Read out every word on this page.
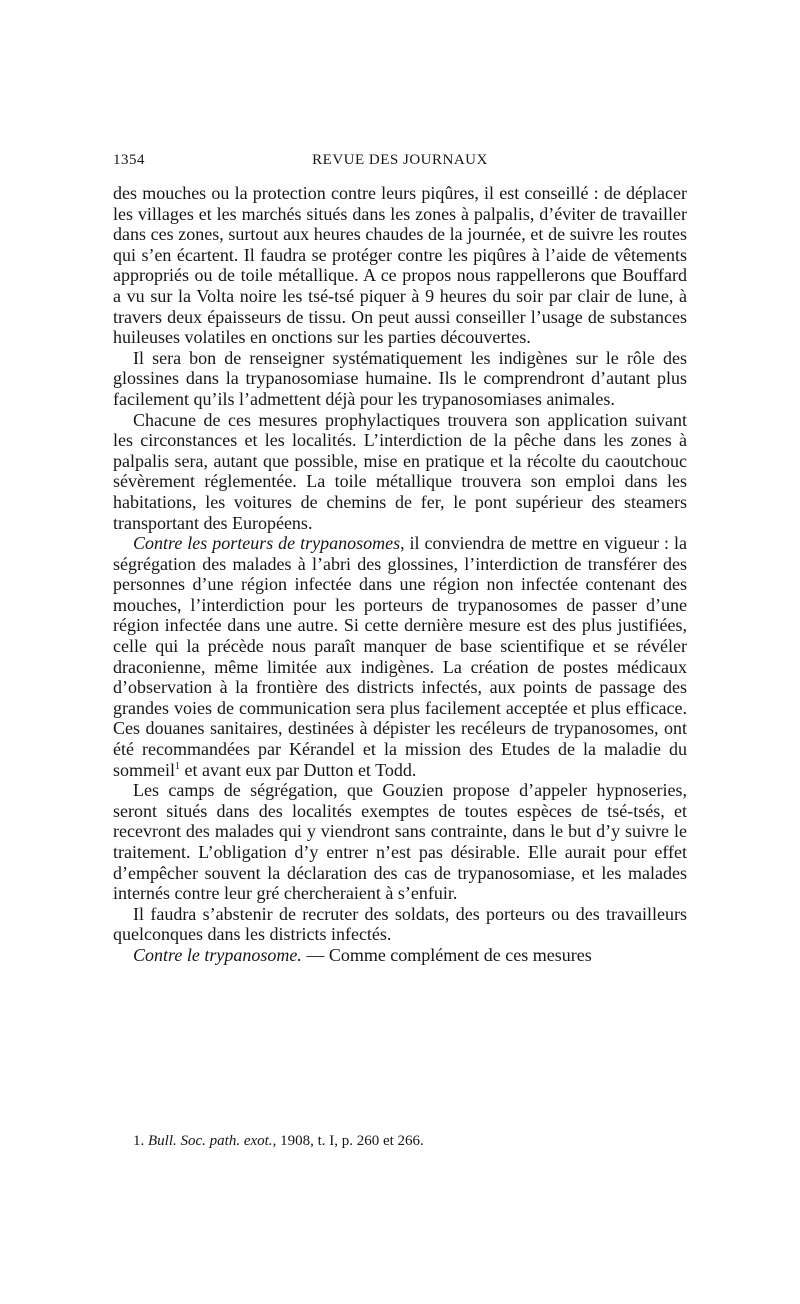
1354	REVUE DES JOURNAUX

des mouches ou la protection contre leurs piqûres, il est conseillé : de déplacer les villages et les marchés situés dans les zones à palpalis, d’éviter de travailler dans ces zones, surtout aux heures chaudes de la journée, et de suivre les routes qui s’en écartent. Il faudra se protéger contre les piqûres à l’aide de vêtements appropriés ou de toile métallique. A ce propos nous rappellerons que Bouffard a vu sur la Volta noire les tsé-tsé piquer à 9 heures du soir par clair de lune, à travers deux épaisseurs de tissu. On peut aussi conseiller l’usage de substances huileuses volatiles en onctions sur les parties découvertes.

Il sera bon de renseigner systématiquement les indigènes sur le rôle des glossines dans la trypanosomiase humaine. Ils le comprendront d’autant plus facilement qu’ils l’admettent déjà pour les trypanosomiases animales.

Chacune de ces mesures prophylactiques trouvera son application suivant les circonstances et les localités. L’interdiction de la pêche dans les zones à palpalis sera, autant que possible, mise en pratique et la récolte du caoutchouc sévèrement réglementée. La toile métallique trouvera son emploi dans les habitations, les voitures de chemins de fer, le pont supérieur des steamers transportant des Européens.

Contre les porteurs de trypanosomes, il conviendra de mettre en vigueur : la ségrégation des malades à l’abri des glossines, l’interdiction de transférer des personnes d’une région infectée dans une région non infectée contenant des mouches, l’interdiction pour les porteurs de trypanosomes de passer d’une région infectée dans une autre. Si cette dernière mesure est des plus justifiées, celle qui la précède nous paraît manquer de base scientifique et se révéler draconienne, même limitée aux indigènes. La création de postes médicaux d’observation à la frontière des districts infectés, aux points de passage des grandes voies de communication sera plus facilement acceptée et plus efficace. Ces douanes sanitaires, destinées à dépister les recéleurs de trypanosomes, ont été recommandées par Kérandel et la mission des Etudes de la maladie du sommeil$^1$ et avant eux par Dutton et Todd.

Les camps de ségrégation, que Gouzien propose d’appeler hypnoseries, seront situés dans des localités exemptes de toutes espèces de tsé-tsés, et recevront des malades qui y viendront sans contrainte, dans le but d’y suivre le traitement. L’obligation d’y entrer n’est pas désirable. Elle aurait pour effet d’empêcher souvent la déclaration des cas de trypanosomiase, et les malades internés contre leur gré chercheraient à s’enfuir.

Il faudra s’abstenir de recruter des soldats, des porteurs ou des travailleurs quelconques dans les districts infectés.

Contre le trypanosome. — Comme complément de ces mesures

1. Bull. Soc. path. exot., 1908, t. I, p. 260 et 266.
